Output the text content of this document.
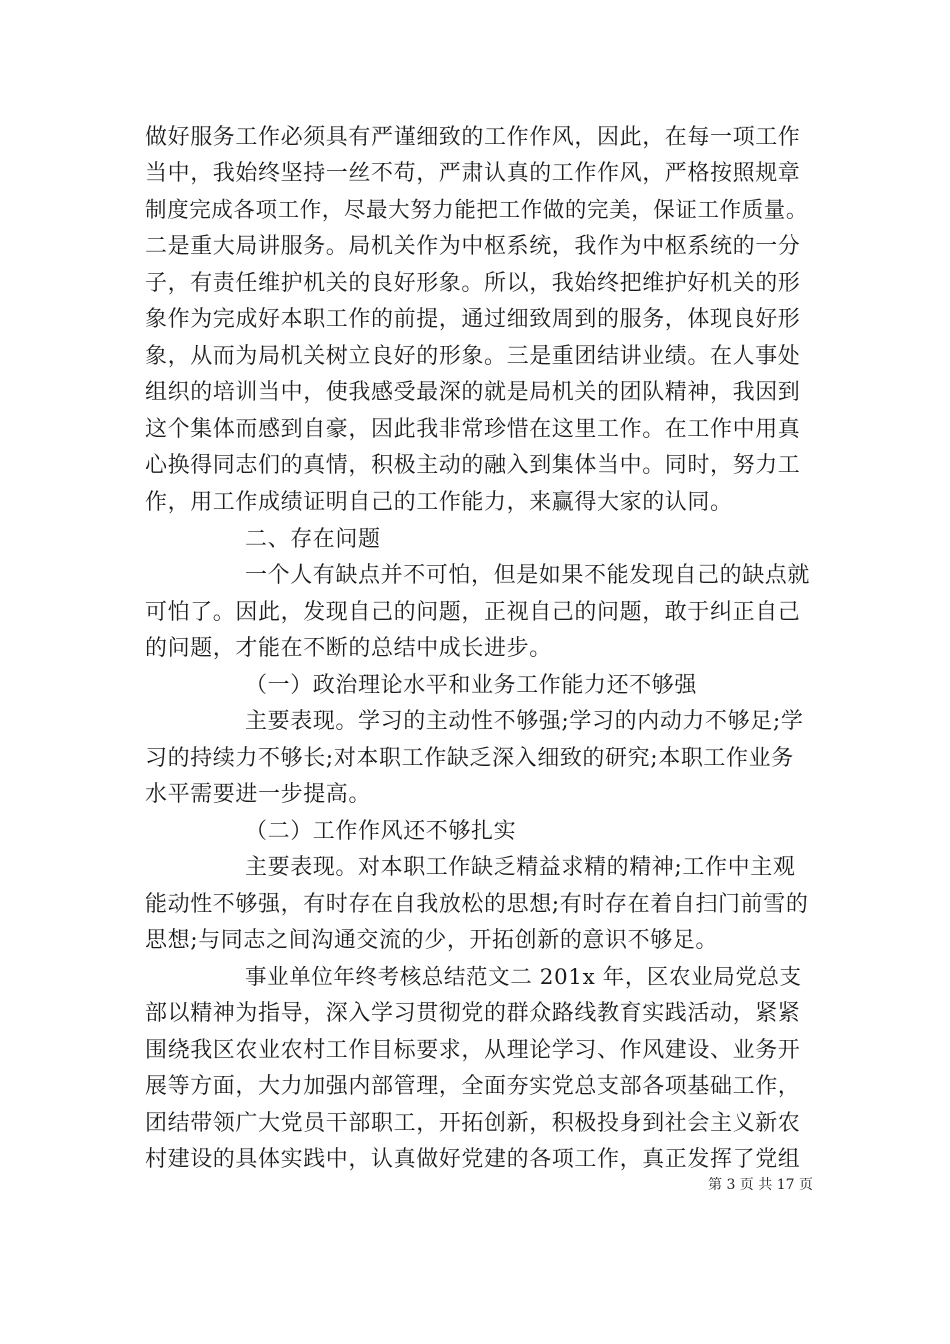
做好服务工作必须具有严谨细致的工作作风，因此，在每一项工作
当中，我始终坚持一丝不苟，严肃认真的工作作风，严格按照规章
制度完成各项工作，尽最大努力能把工作做的完美，保证工作质量。
二是重大局讲服务。局机关作为中枢系统，我作为中枢系统的一分
子，有责任维护机关的良好形象。所以，我始终把维护好机关的形
象作为完成好本职工作的前提，通过细致周到的服务，体现良好形
象，从而为局机关树立良好的形象。三是重团结讲业绩。在人事处
组织的培训当中，使我感受最深的就是局机关的团队精神，我因到
这个集体而感到自豪，因此我非常珍惜在这里工作。在工作中用真
心换得同志们的真情，积极主动的融入到集体当中。同时，努力工
作，用工作成绩证明自己的工作能力，来赢得大家的认同。
二、存在问题
一个人有缺点并不可怕，但是如果不能发现自己的缺点就
可怕了。因此，发现自己的问题，正视自己的问题，敢于纠正自己
的问题，才能在不断的总结中成长进步。
（一）政治理论水平和业务工作能力还不够强
主要表现。学习的主动性不够强;学习的内动力不够足;学
习的持续力不够长;对本职工作缺乏深入细致的研究;本职工作业务
水平需要进一步提高。
（二）工作作风还不够扎实
主要表现。对本职工作缺乏精益求精的精神;工作中主观
能动性不够强，有时存在自我放松的思想;有时存在着自扫门前雪的
思想;与同志之间沟通交流的少，开拓创新的意识不够足。
事业单位年终考核总结范文二 201x 年，区农业局党总支
部以精神为指导，深入学习贯彻党的群众路线教育实践活动，紧紧
围绕我区农业农村工作目标要求，从理论学习、作风建设、业务开
展等方面，大力加强内部管理，全面夯实党总支部各项基础工作，
团结带领广大党员干部职工，开拓创新，积极投身到社会主义新农
村建设的具体实践中，认真做好党建的各项工作，真正发挥了党组
第 3 页 共 17 页
